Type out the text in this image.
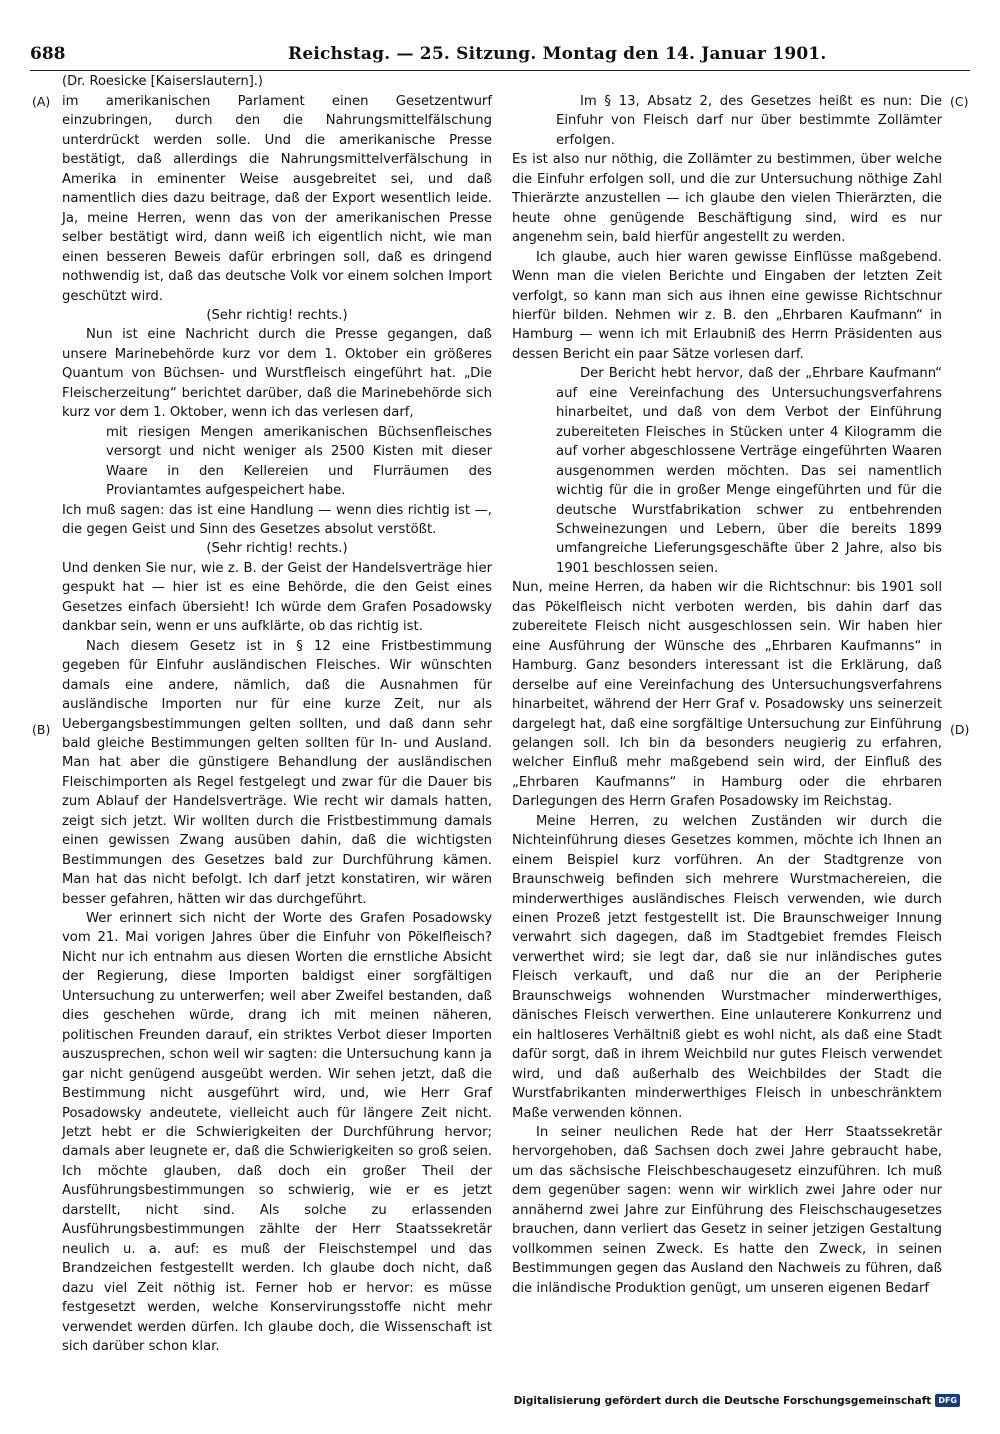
688	Reichstag. — 25. Sitzung. Montag den 14. Januar 1901.
(Dr. Roesicke [Kaiserslautern].)
(A)
(B)
(C)
(D)

im amerikanischen Parlament einen Gesetzentwurf einzubringen, durch den die Nahrungsmittelfälschung unterdrückt werden solle. Und die amerikanische Presse bestätigt, daß allerdings die Nahrungsmittelverfälschung in Amerika in eminenter Weise ausgebreitet sei, und daß namentlich dies dazu beitrage, daß der Export wesentlich leide. Ja, meine Herren, wenn das von der amerikanischen Presse selber bestätigt wird, dann weiß ich eigentlich nicht, wie man einen besseren Beweis dafür erbringen soll, daß es dringend nothwendig ist, daß das deutsche Volk vor einem solchen Import geschützt wird.

(Sehr richtig! rechts.)

Nun ist eine Nachricht durch die Presse gegangen, daß unsere Marinebehörde kurz vor dem 1. Oktober ein größeres Quantum von Büchsen- und Wurstfleisch eingeführt hat. „Die Fleischerzeitung“ berichtet darüber, daß die Marinebehörde sich kurz vor dem 1. Oktober, wenn ich das verlesen darf,

mit riesigen Mengen amerikanischen Büchsenfleisches versorgt und nicht weniger als 2500 Kisten mit dieser Waare in den Kellereien und Flurräumen des Proviantamtes aufgespeichert habe.

Ich muß sagen: das ist eine Handlung — wenn dies richtig ist —, die gegen Geist und Sinn des Gesetzes absolut verstößt.

(Sehr richtig! rechts.)

Und denken Sie nur, wie z. B. der Geist der Handelsverträge hier gespukt hat — hier ist es eine Behörde, die den Geist eines Gesetzes einfach übersieht! Ich würde dem Grafen Posadowsky dankbar sein, wenn er uns aufklärte, ob das richtig ist.

Nach diesem Gesetz ist in § 12 eine Fristbestimmung gegeben für Einfuhr ausländischen Fleisches. Wir wünschten damals eine andere, nämlich, daß die Ausnahmen für ausländische Importen nur für eine kurze Zeit, nur als Uebergangsbestimmungen gelten sollten, und daß dann sehr bald gleiche Bestimmungen gelten sollten für In- und Ausland. Man hat aber die günstigere Behandlung der ausländischen Fleischimporten als Regel festgelegt und zwar für die Dauer bis zum Ablauf der Handelsverträge. Wie recht wir damals hatten, zeigt sich jetzt. Wir wollten durch die Fristbestimmung damals einen gewissen Zwang ausüben dahin, daß die wichtigsten Bestimmungen des Gesetzes bald zur Durchführung kämen. Man hat das nicht befolgt. Ich darf jetzt konstatiren, wir wären besser gefahren, hätten wir das durchgeführt.

Wer erinnert sich nicht der Worte des Grafen Posadowsky vom 21. Mai vorigen Jahres über die Einfuhr von Pökelfleisch? Nicht nur ich entnahm aus diesen Worten die ernstliche Absicht der Regierung, diese Importen baldigst einer sorgfältigen Untersuchung zu unterwerfen; weil aber Zweifel bestanden, daß dies geschehen würde, drang ich mit meinen näheren, politischen Freunden darauf, ein striktes Verbot dieser Importen auszusprechen, schon weil wir sagten: die Untersuchung kann ja gar nicht genügend ausgeübt werden. Wir sehen jetzt, daß die Bestimmung nicht ausgeführt wird, und, wie Herr Graf Posadowsky andeutete, vielleicht auch für längere Zeit nicht. Jetzt hebt er die Schwierigkeiten der Durchführung hervor; damals aber leugnete er, daß die Schwierigkeiten so groß seien. Ich möchte glauben, daß doch ein großer Theil der Ausführungsbestimmungen so schwierig, wie er es jetzt darstellt, nicht sind. Als solche zu erlassenden Ausführungsbestimmungen zählte der Herr Staatssekretär neulich u. a. auf: es muß der Fleischstempel und das Brandzeichen festgestellt werden. Ich glaube doch nicht, daß dazu viel Zeit nöthig ist. Ferner hob er hervor: es müsse festgesetzt werden, welche Konservirungsstoffe nicht mehr verwendet werden dürfen. Ich glaube doch, die Wissenschaft ist sich darüber schon klar.

Im § 13, Absatz 2, des Gesetzes heißt es nun: Die Einfuhr von Fleisch darf nur über bestimmte Zollämter erfolgen.

Es ist also nur nöthig, die Zollämter zu bestimmen, über welche die Einfuhr erfolgen soll, und die zur Untersuchung nöthige Zahl Thierärzte anzustellen — ich glaube den vielen Thierärzten, die heute ohne genügende Beschäftigung sind, wird es nur angenehm sein, bald hierfür angestellt zu werden.

Ich glaube, auch hier waren gewisse Einflüsse maßgebend. Wenn man die vielen Berichte und Eingaben der letzten Zeit verfolgt, so kann man sich aus ihnen eine gewisse Richtschnur hierfür bilden. Nehmen wir z. B. den „Ehrbaren Kaufmann“ in Hamburg — wenn ich mit Erlaubniß des Herrn Präsidenten aus dessen Bericht ein paar Sätze vorlesen darf.

Der Bericht hebt hervor, daß der „Ehrbare Kaufmann“ auf eine Vereinfachung des Untersuchungsverfahrens hinarbeitet, und daß von dem Verbot der Einführung zubereiteten Fleisches in Stücken unter 4 Kilogramm die auf vorher abgeschlossene Verträge eingeführten Waaren ausgenommen werden möchten. Das sei namentlich wichtig für die in großer Menge eingeführten und für die deutsche Wurstfabrikation schwer zu entbehrenden Schweinezungen und Lebern, über die bereits 1899 umfangreiche Lieferungsgeschäfte über 2 Jahre, also bis 1901 beschlossen seien.

Nun, meine Herren, da haben wir die Richtschnur: bis 1901 soll das Pökelfleisch nicht verboten werden, bis dahin darf das zubereitete Fleisch nicht ausgeschlossen sein. Wir haben hier eine Ausführung der Wünsche des „Ehrbaren Kaufmanns“ in Hamburg. Ganz besonders interessant ist die Erklärung, daß derselbe auf eine Vereinfachung des Untersuchungsverfahrens hinarbeitet, während der Herr Graf v. Posadowsky uns seinerzeit dargelegt hat, daß eine sorgfältige Untersuchung zur Einführung gelangen soll. Ich bin da besonders neugierig zu erfahren, welcher Einfluß mehr maßgebend sein wird, der Einfluß des „Ehrbaren Kaufmanns“ in Hamburg oder die ehrbaren Darlegungen des Herrn Grafen Posadowsky im Reichstag.

Meine Herren, zu welchen Zuständen wir durch die Nichteinführung dieses Gesetzes kommen, möchte ich Ihnen an einem Beispiel kurz vorführen. An der Stadtgrenze von Braunschweig befinden sich mehrere Wurstmachereien, die minderwerthiges ausländisches Fleisch verwenden, wie durch einen Prozeß jetzt festgestellt ist. Die Braunschweiger Innung verwahrt sich dagegen, daß im Stadtgebiet fremdes Fleisch verwerthet wird; sie legt dar, daß sie nur inländisches gutes Fleisch verkauft, und daß nur die an der Peripherie Braunschweigs wohnenden Wurstmacher minderwerthiges, dänisches Fleisch verwerthen. Eine unlauterere Konkurrenz und ein haltloseres Verhältniß giebt es wohl nicht, als daß eine Stadt dafür sorgt, daß in ihrem Weichbild nur gutes Fleisch verwendet wird, und daß außerhalb des Weichbildes der Stadt die Wurstfabrikanten minderwerthiges Fleisch in unbeschränktem Maße verwenden können.

In seiner neulichen Rede hat der Herr Staatssekretär hervorgehoben, daß Sachsen doch zwei Jahre gebraucht habe, um das sächsische Fleischbeschaugesetz einzuführen. Ich muß dem gegenüber sagen: wenn wir wirklich zwei Jahre oder nur annähernd zwei Jahre zur Einführung des Fleischschaugesetzes brauchen, dann verliert das Gesetz in seiner jetzigen Gestaltung vollkommen seinen Zweck. Es hatte den Zweck, in seinen Bestimmungen gegen das Ausland den Nachweis zu führen, daß die inländische Produktion genügt, um unseren eigenen Bedarf

Digitalisierung gefördert durch die Deutsche Forschungsgemeinschaft DFG
